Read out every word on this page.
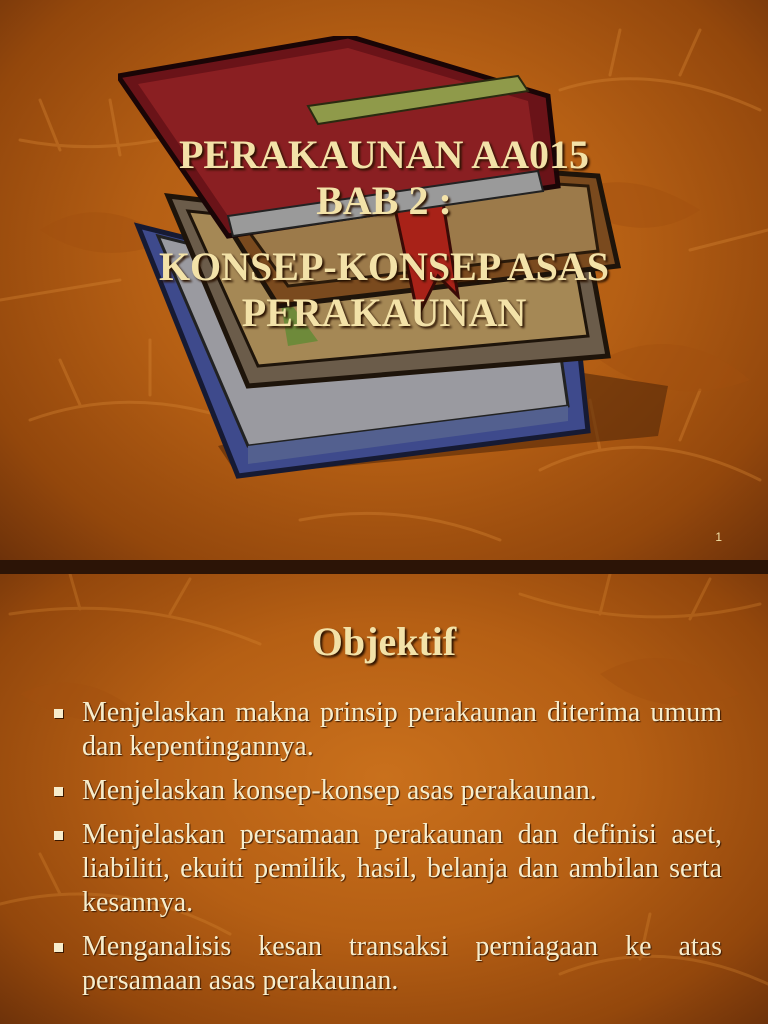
PERAKAUNAN AA015
BAB 2 :
KONSEP-KONSEP ASAS
PERAKAUNAN
1
Objektif
Menjelaskan makna prinsip perakaunan diterima umum dan kepentingannya.
Menjelaskan konsep-konsep asas perakaunan.
Menjelaskan persamaan perakaunan dan definisi aset, liabiliti, ekuiti pemilik, hasil, belanja dan ambilan serta kesannya.
Menganalisis kesan transaksi perniagaan ke atas persamaan asas perakaunan.
